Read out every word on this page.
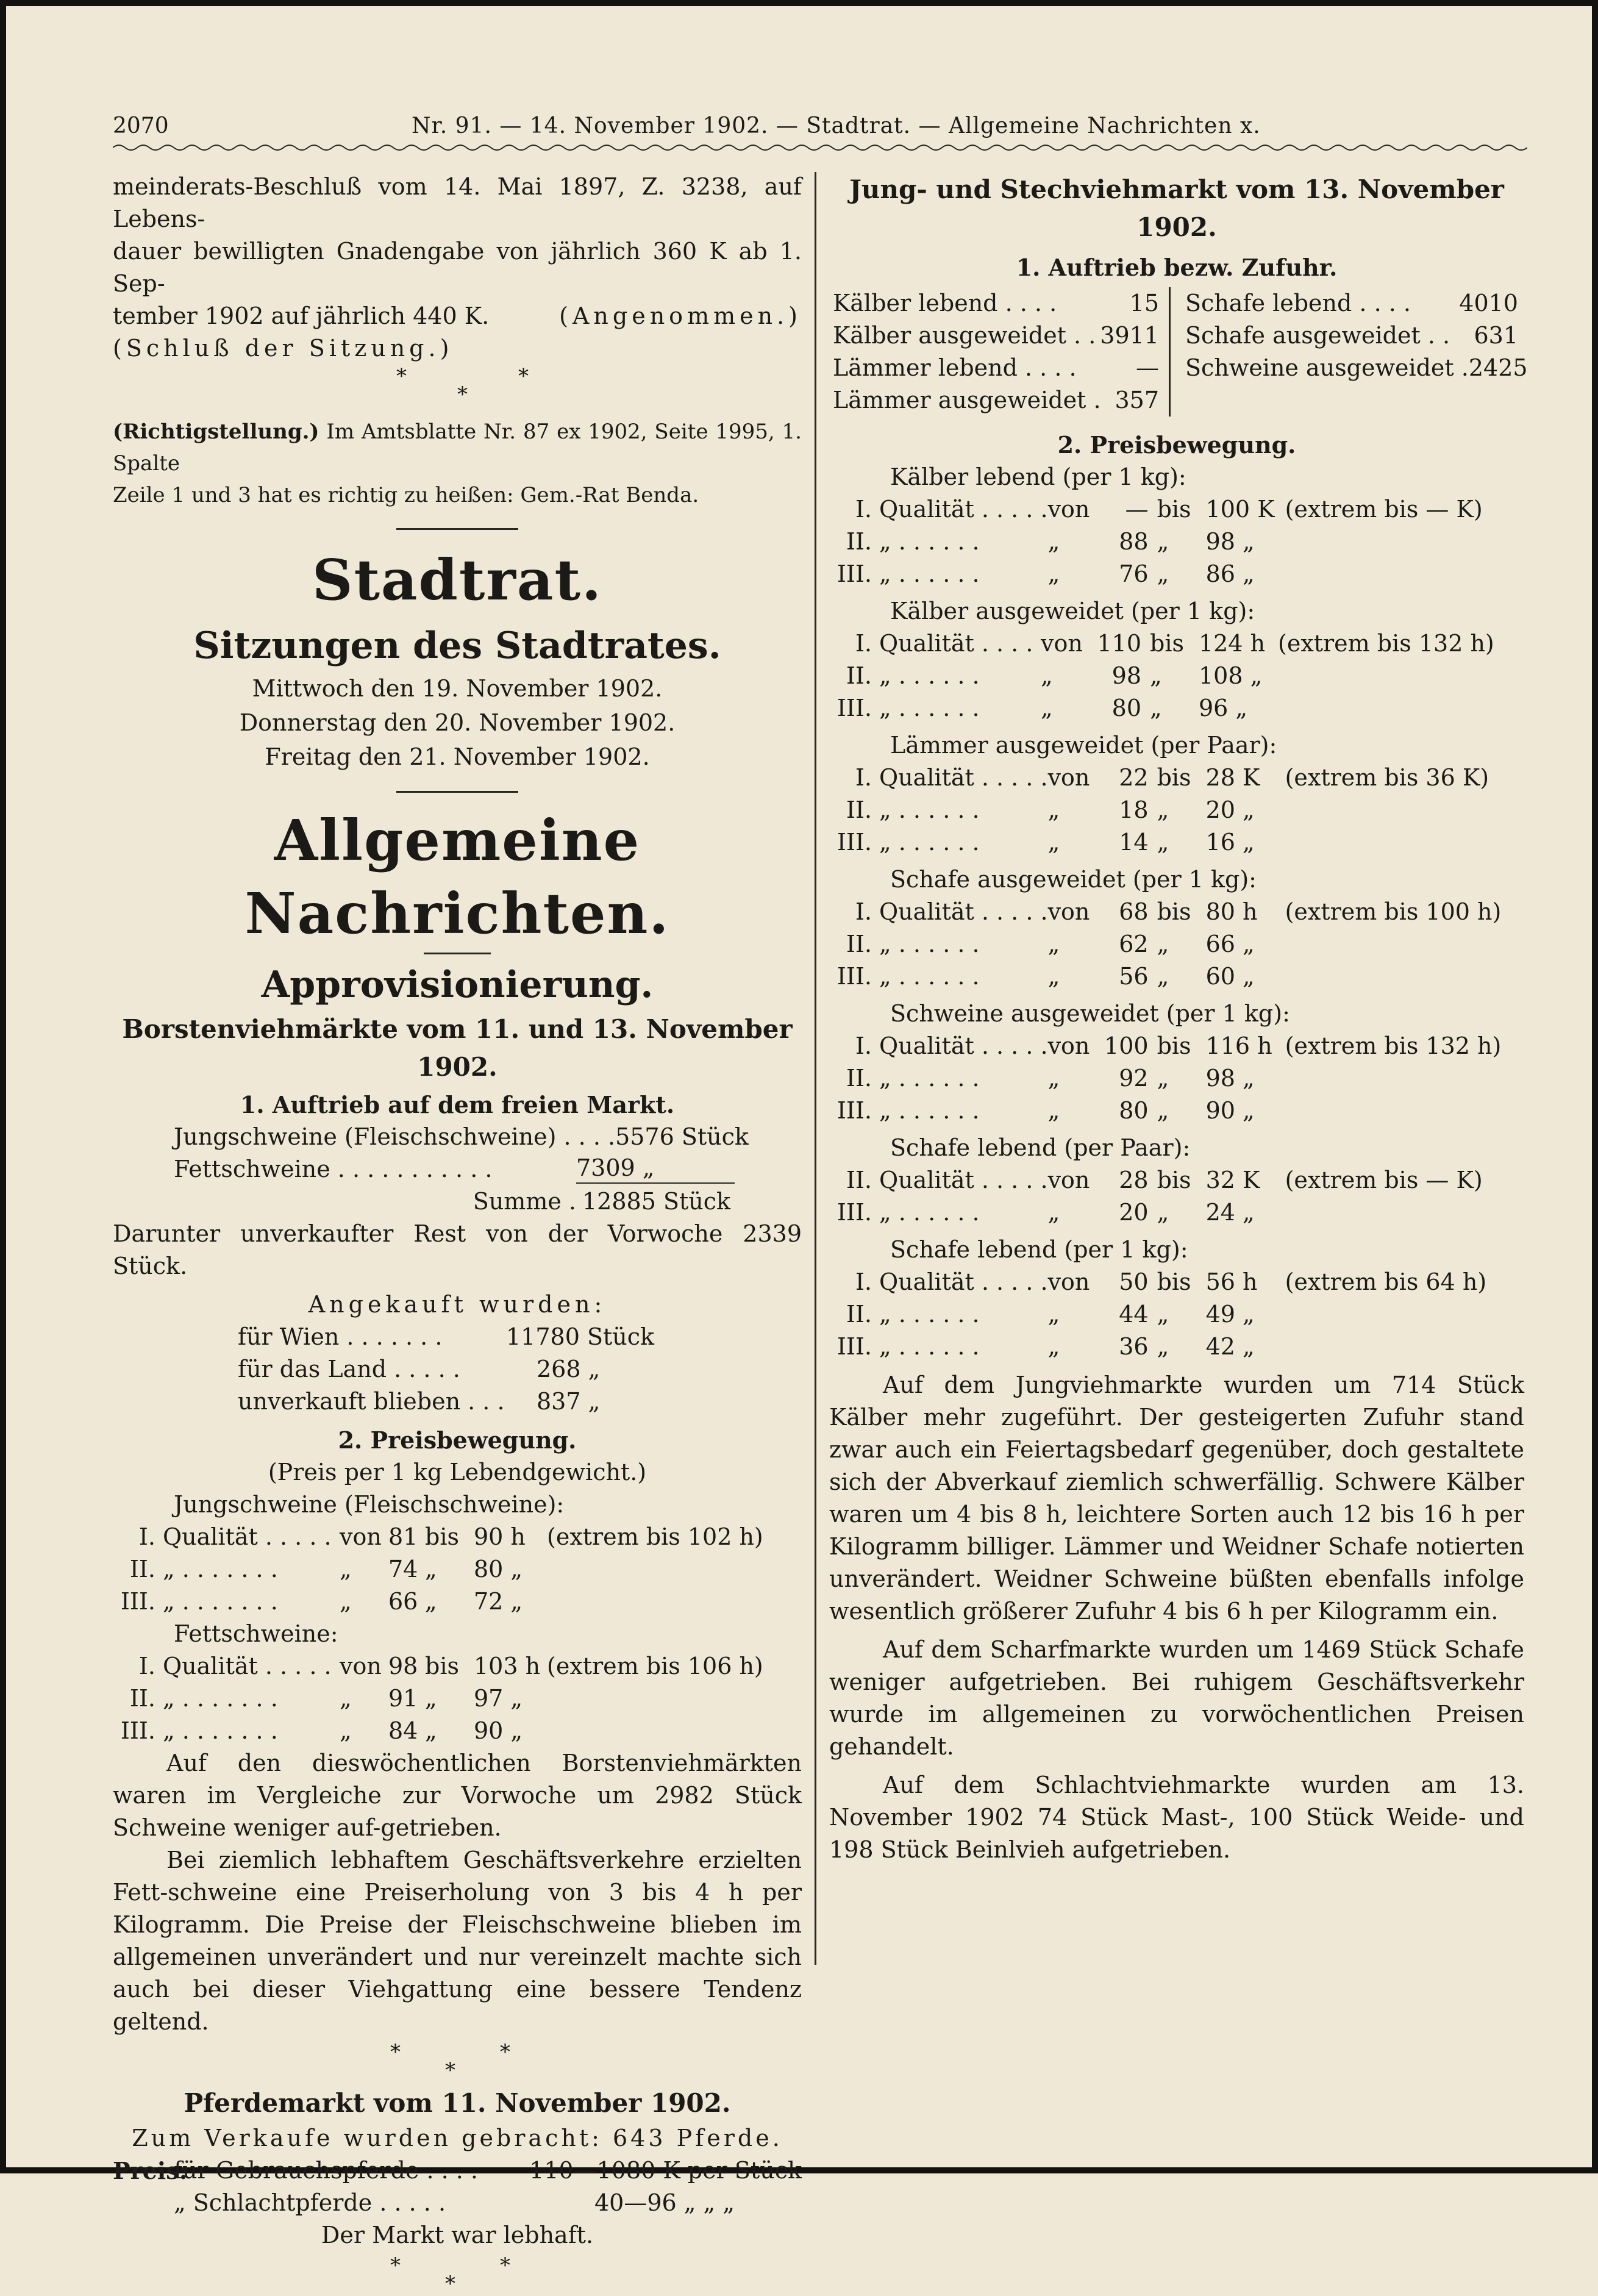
2070	Nr. 91. — 14. November 1902. — Stadtrat. — Allgemeine Nachrichten x.

meinderats-Beschluß vom 14. Mai 1897, Z. 3238, auf Lebens-

dauer bewilligten Gnadengabe von jährlich 360 K ab 1. Sep-

tember 1902 auf jährlich 440 K.	(Angenommen.)

(Schluß der Sitzung.)

*
*
*

(Richtigstellung.) Im Amtsblatte Nr. 87 ex 1902, Seite 1995, 1. Spalte

Zeile 1 und 3 hat es richtig zu heißen: Gem.-Rat Benda.

Stadtrat.
Sitzungen des Stadtrates.

Mittwoch den 19. November 1902.

Donnerstag den 20. November 1902.

Freitag den 21. November 1902.

Allgemeine Nachrichten.
Approvisionierung.
Borstenviehmärkte vom 11. und 13. November 1902.
1. Auftrieb auf dem freien Markt.
Jungschweine (Fleischschweine) . . . . 5576 Stück
Fettschweine . . . . . . . . . . .	7309 „
Summe . 12885 Stück

Darunter unverkaufter Rest von der Vorwoche 2339 Stück.

Angekauft wurden:

für Wien . . . . . . .	11780 Stück
für das Land . . . . .	268 „
unverkauft blieben . . . 837 „
2. Preisbewegung.

(Preis per 1 kg Lebendgewicht.)

Jungschweine (Fleischschweine):

I.	Qualität . . . . .	von	81	bis	90 h	(extrem bis 102 h)
II.	„ . . . . . . .	„	74	„	80 „	
III.	„ . . . . . . .	„	66	„	72 „	

Fettschweine:

I.	Qualität . . . . .	von	98	bis	103 h	(extrem bis 106 h)
II.	„ . . . . . . .	„	91	„	97 „	
III.	„ . . . . . . .	„	84	„	90 „	

Auf den dieswöchentlichen Borstenviehmärkten waren im Vergleiche zur Vorwoche um 2982 Stück Schweine weniger auf-getrieben.

Bei ziemlich lebhaftem Geschäftsverkehre erzielten Fett-schweine eine Preiserholung von 3 bis 4 h per Kilogramm. Die Preise der Fleischschweine blieben im allgemeinen unverändert und nur vereinzelt machte sich auch bei dieser Viehgattung eine bessere Tendenz geltend.

*
*
*
Pferdemarkt vom 11. November 1902.

Zum Verkaufe wurden gebracht: 643 Pferde.

Preis:
für Gebrauchspferde . . . .	110—1080 K per Stück
„ Schlachtpferde . . . . .	40—96 „ „ „

Der Markt war lebhaft.

*
*
*
Jung- und Stechviehmarkt vom 13. November 1902.
1. Auftrieb bezw. Zufuhr.
Kälber lebend . . . .	15
Kälber ausgeweidet . . 3911
Lämmer lebend . . . .	—
Lämmer ausgeweidet . 357
Schafe lebend . . . . 4010
Schafe ausgeweidet . . 631
Schweine ausgeweidet . 2425
2. Preisbewegung.

Kälber lebend (per 1 kg):

I.	Qualität . . . . .	von	—	bis	100 K	(extrem bis — K)
II.	„ . . . . . .	„	88	„	98 „	
III.	„ . . . . . .	„	76	„	86 „	

Kälber ausgeweidet (per 1 kg):

I.	Qualität . . . .	von	110	bis	124 h	(extrem bis 132 h)
II.	„ . . . . . .	„	98	„	108 „	
III.	„ . . . . . .	„	80	„	96 „	

Lämmer ausgeweidet (per Paar):

I.	Qualität . . . . .	von	22	bis	28 K	(extrem bis 36 K)
II.	„ . . . . . .	„	18	„	20 „	
III.	„ . . . . . .	„	14	„	16 „	

Schafe ausgeweidet (per 1 kg):

I.	Qualität . . . . .	von	68	bis	80 h	(extrem bis 100 h)
II.	„ . . . . . .	„	62	„	66 „	
III.	„ . . . . . .	„	56	„	60 „	

Schweine ausgeweidet (per 1 kg):

I.	Qualität . . . . .	von	100	bis	116 h	(extrem bis 132 h)
II.	„ . . . . . .	„	92	„	98 „	
III.	„ . . . . . .	„	80	„	90 „	

Schafe lebend (per Paar):

II.	Qualität . . . . .	von	28	bis	32 K	(extrem bis — K)
III.	„ . . . . . .	„	20	„	24 „	

Schafe lebend (per 1 kg):

I.	Qualität . . . . .	von	50	bis	56 h	(extrem bis 64 h)
II.	„ . . . . . .	„	44	„	49 „	
III.	„ . . . . . .	„	36	„	42 „	

Auf dem Jungviehmarkte wurden um 714 Stück Kälber mehr zugeführt. Der gesteigerten Zufuhr stand zwar auch ein Feiertagsbedarf gegenüber, doch gestaltete sich der Abverkauf ziemlich schwerfällig. Schwere Kälber waren um 4 bis 8 h, leichtere Sorten auch 12 bis 16 h per Kilogramm billiger. Lämmer und Weidner Schafe notierten unverändert. Weidner Schweine büßten ebenfalls infolge wesentlich größerer Zufuhr 4 bis 6 h per Kilogramm ein.

Auf dem Scharfmarkte wurden um 1469 Stück Schafe weniger aufgetrieben. Bei ruhigem Geschäftsverkehr wurde im allgemeinen zu vorwöchentlichen Preisen gehandelt.

Auf dem Schlachtviehmarkte wurden am 13. November 1902 74 Stück Mast-, 100 Stück Weide- und 198 Stück Beinlvieh aufgetrieben.
